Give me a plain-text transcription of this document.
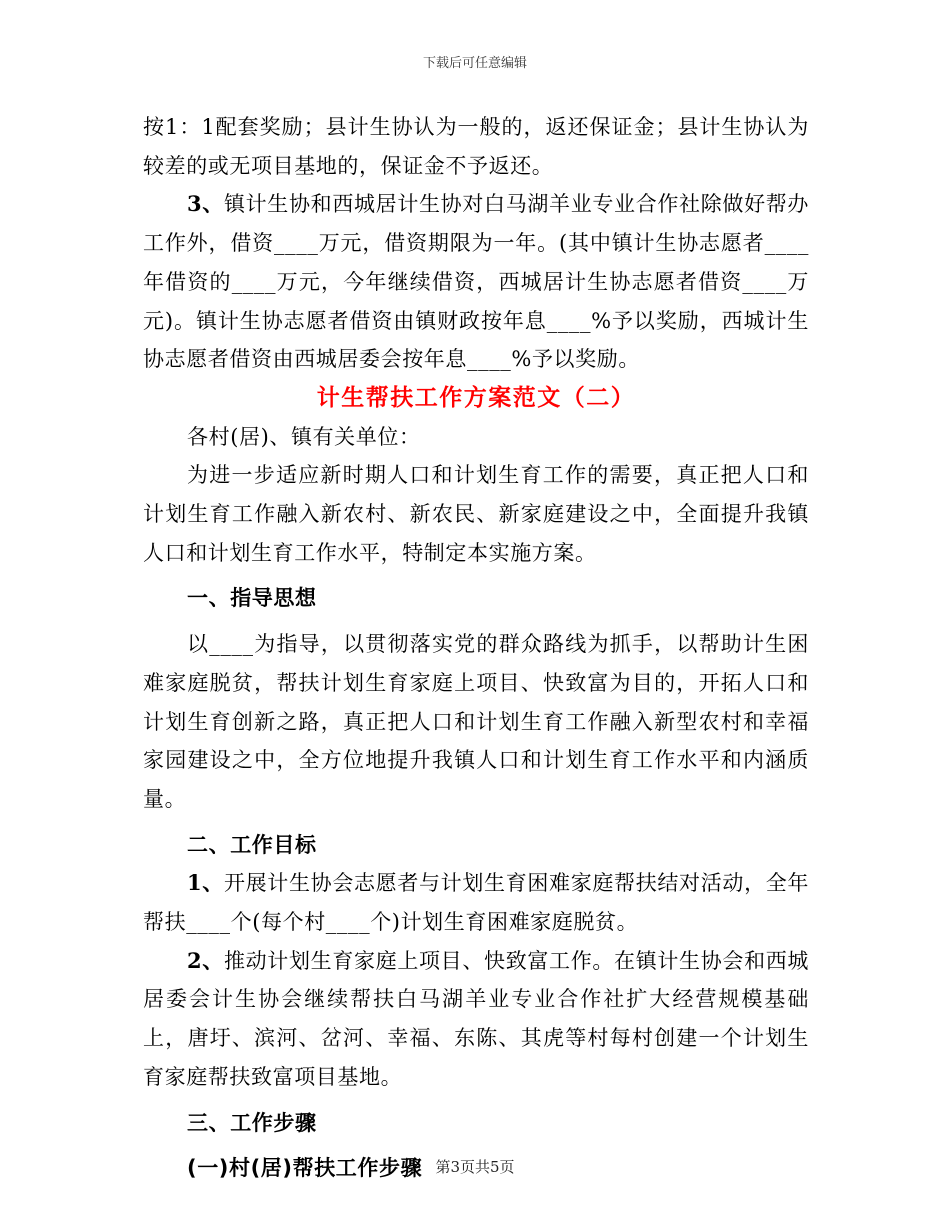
下载后可任意编辑

按1：1配套奖励；县计生协认为一般的，返还保证金；县计生协认为较差的或无项目基地的，保证金不予返还。

3、镇计生协和西城居计生协对白马湖羊业专业合作社除做好帮办工作外，借资____万元，借资期限为一年。(其中镇计生协志愿者____年借资的____万元，今年继续借资，西城居计生协志愿者借资____万元)。镇计生协志愿者借资由镇财政按年息____%予以奖励，西城计生协志愿者借资由西城居委会按年息____%予以奖励。

计生帮扶工作方案范文（二）

各村(居)、镇有关单位：

为进一步适应新时期人口和计划生育工作的需要，真正把人口和计划生育工作融入新农村、新农民、新家庭建设之中，全面提升我镇人口和计划生育工作水平，特制定本实施方案。

一、指导思想

以____为指导，以贯彻落实党的群众路线为抓手，以帮助计生困难家庭脱贫，帮扶计划生育家庭上项目、快致富为目的，开拓人口和计划生育创新之路，真正把人口和计划生育工作融入新型农村和幸福家园建设之中，全方位地提升我镇人口和计划生育工作水平和内涵质量。

二、工作目标

1、开展计生协会志愿者与计划生育困难家庭帮扶结对活动，全年帮扶____个(每个村____个)计划生育困难家庭脱贫。

2、推动计划生育家庭上项目、快致富工作。在镇计生协会和西城居委会计生协会继续帮扶白马湖羊业专业合作社扩大经营规模基础上，唐圩、滨河、岔河、幸福、东陈、其虎等村每村创建一个计划生育家庭帮扶致富项目基地。

三、工作步骤

(一)村(居)帮扶工作步骤 第3页共5页
